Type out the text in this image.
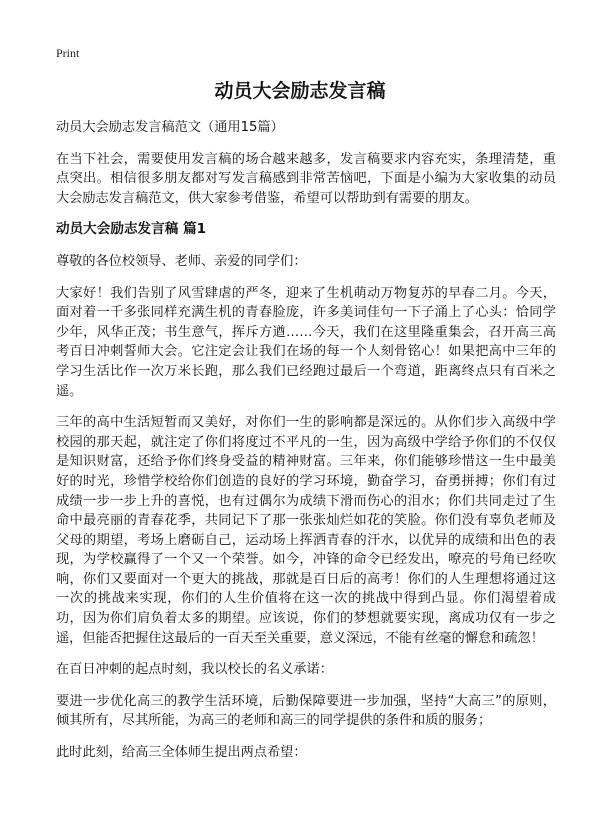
Print
动员大会励志发言稿

动员大会励志发言稿范文（通用15篇）

在当下社会，需要使用发言稿的场合越来越多，发言稿要求内容充实，条理清楚，重点突出。相信很多朋友都对写发言稿感到非常苦恼吧，下面是小编为大家收集的动员大会励志发言稿范文，供大家参考借鉴，希望可以帮助到有需要的朋友。

动员大会励志发言稿 篇1

尊敬的各位校领导、老师、亲爱的同学们：

大家好！我们告别了风雪肆虐的严冬，迎来了生机萌动万物复苏的早春二月。今天，面对着一千多张同样充满生机的青春脸庞，许多美词佳句一下子涌上了心头：恰同学少年，风华正茂；书生意气，挥斥方遒……今天，我们在这里隆重集会，召开高三高考百日冲刺誓师大会。它注定会让我们在场的每一个人刻骨铭心！如果把高中三年的学习生活比作一次万米长跑，那么我们已经跑过最后一个弯道，距离终点只有百米之遥。

三年的高中生活短暂而又美好，对你们一生的影响都是深远的。从你们步入高级中学校园的那天起，就注定了你们将度过不平凡的一生，因为高级中学给予你们的不仅仅是知识财富，还给予你们终身受益的精神财富。三年来，你们能够珍惜这一生中最美好的时光，珍惜学校给你们创造的良好的学习环境，勤奋学习，奋勇拼搏；你们有过成绩一步一步上升的喜悦，也有过偶尔为成绩下滑而伤心的泪水；你们共同走过了生命中最亮丽的青春花季，共同记下了那一张张灿烂如花的笑脸。你们没有辜负老师及父母的期望，考场上磨砺自己，运动场上挥洒青春的汗水，以优异的成绩和出色的表现，为学校赢得了一个又一个荣誉。如今，冲锋的命令已经发出，嘹亮的号角已经吹响，你们又要面对一个更大的挑战，那就是百日后的高考！你们的人生理想将通过这一次的挑战来实现，你们的人生价值将在这一次的挑战中得到凸显。你们渴望着成功，因为你们肩负着太多的期望。应该说，你们的梦想就要实现，离成功仅有一步之遥，但能否把握住这最后的一百天至关重要，意义深远，不能有丝毫的懈怠和疏忽！

在百日冲刺的起点时刻，我以校长的名义承诺：

要进一步优化高三的教学生活环境，后勤保障要进一步加强，坚持“大高三”的原则，倾其所有，尽其所能，为高三的老师和高三的同学提供的条件和质的服务；

此时此刻，给高三全体师生提出两点希望：
